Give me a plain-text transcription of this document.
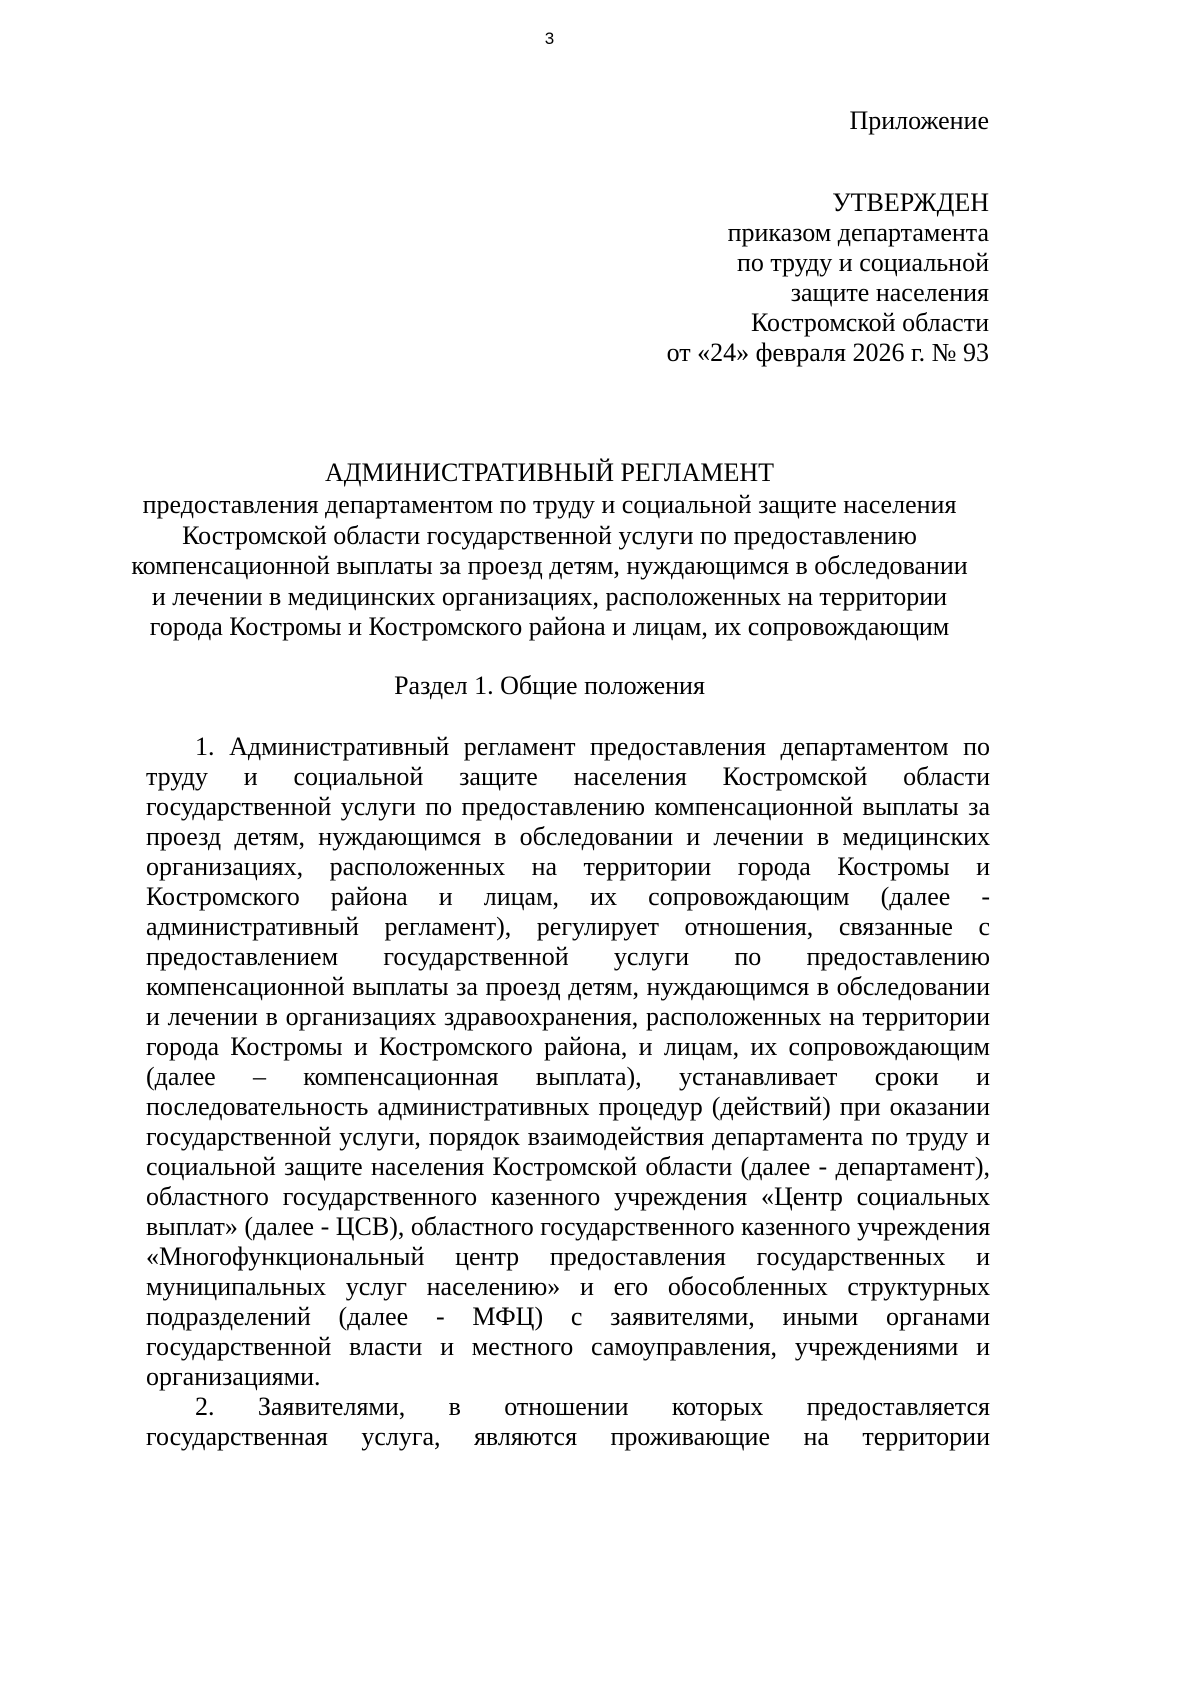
3
Приложение
УТВЕРЖДЕН
приказом департамента
по труду и социальной
защите населения
Костромской области
от «24» февраля 2026 г. № 93
АДМИНИСТРАТИВНЫЙ РЕГЛАМЕНТ
предоставления департаментом по труду и социальной защите населения
Костромской области государственной услуги по предоставлению
компенсационной выплаты за проезд детям, нуждающимся в обследовании
и лечении в медицинских организациях, расположенных на территории
города Костромы и Костромского района и лицам, их сопровождающим
Раздел 1. Общие положения
1. Административный регламент предоставления департаментом по
труду и социальной защите населения Костромской области
государственной услуги по предоставлению компенсационной выплаты за
проезд детям, нуждающимся в обследовании и лечении в медицинских
организациях, расположенных на территории города Костромы и
Костромского района и лицам, их сопровождающим (далее -
административный регламент), регулирует отношения, связанные с
предоставлением государственной услуги по предоставлению
компенсационной выплаты за проезд детям, нуждающимся в обследовании
и лечении в организациях здравоохранения, расположенных на территории
города Костромы и Костромского района, и лицам, их сопровождающим
(далее – компенсационная выплата), устанавливает сроки и
последовательность административных процедур (действий) при оказании
государственной услуги, порядок взаимодействия департамента по труду и
социальной защите населения Костромской области (далее - департамент),
областного государственного казенного учреждения «Центр социальных
выплат» (далее - ЦСВ), областного государственного казенного учреждения
«Многофункциональный центр предоставления государственных и
муниципальных услуг населению» и его обособленных структурных
подразделений (далее - МФЦ) с заявителями, иными органами
государственной власти и местного самоуправления, учреждениями и
организациями.
2. Заявителями, в отношении которых предоставляется
государственная услуга, являются проживающие на территории
